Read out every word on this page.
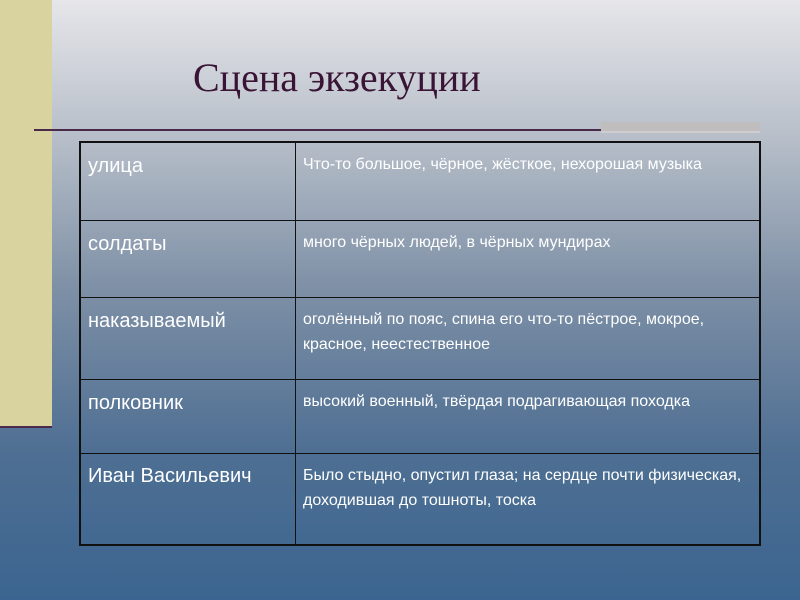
Сцена экзекуции
улица	Что-то большое, чёрное, жёсткое, нехорошая музыка
солдаты	много чёрных людей, в чёрных мундирах
наказываемый	оголённый по пояс, спина его что-то пёстрое, мокрое, красное, неестественное
полковник	высокий военный, твёрдая подрагивающая походка
Иван Васильевич	Было стыдно, опустил глаза; на сердце почти физическая, доходившая до тошноты, тоска
